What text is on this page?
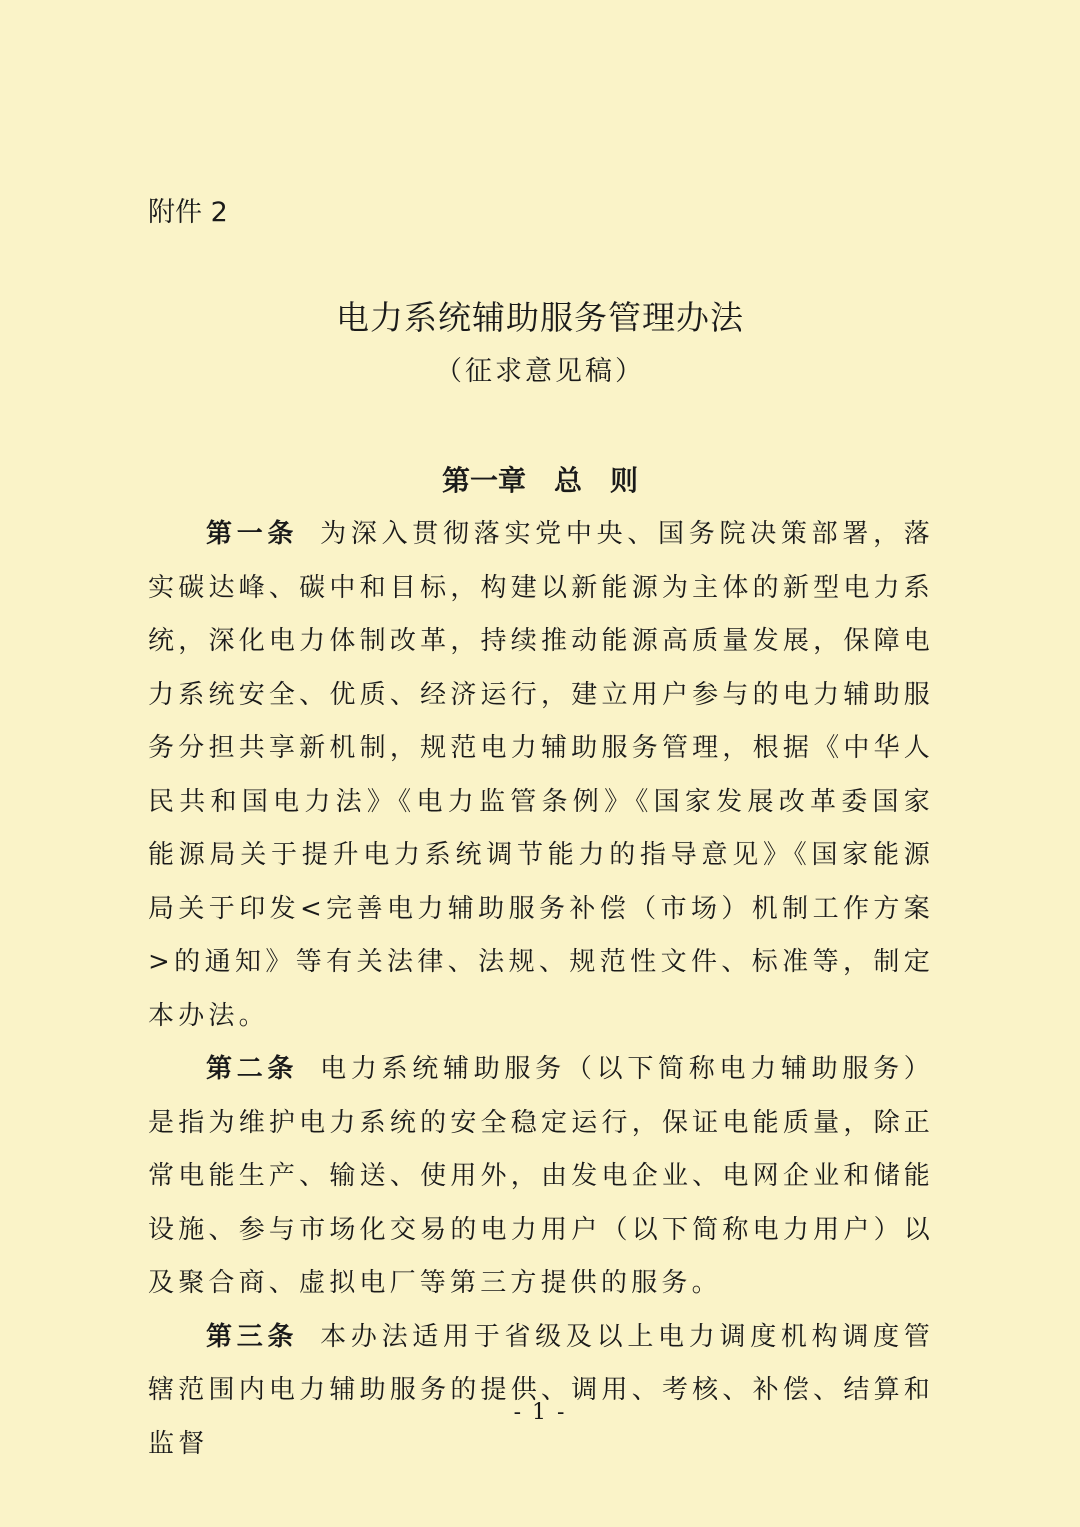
附件 2
电力系统辅助服务管理办法
（征求意见稿）
第一章　总　则

第一条 为深入贯彻落实党中央、国务院决策部署，落实碳达峰、碳中和目标，构建以新能源为主体的新型电力系统，深化电力体制改革，持续推动能源高质量发展，保障电力系统安全、优质、经济运行，建立用户参与的电力辅助服务分担共享新机制，规范电力辅助服务管理，根据《中华人民共和国电力法》《电力监管条例》《国家发展改革委国家能源局关于提升电力系统调节能力的指导意见》《国家能源局关于印发<完善电力辅助服务补偿（市场）机制工作方案>的通知》等有关法律、法规、规范性文件、标准等，制定本办法。

第二条 电力系统辅助服务（以下简称电力辅助服务）是指为维护电力系统的安全稳定运行，保证电能质量，除正常电能生产、输送、使用外，由发电企业、电网企业和储能设施、参与市场化交易的电力用户（以下简称电力用户）以及聚合商、虚拟电厂等第三方提供的服务。

第三条 本办法适用于省级及以上电力调度机构调度管辖范围内电力辅助服务的提供、调用、考核、补偿、结算和监督

- 1 -
